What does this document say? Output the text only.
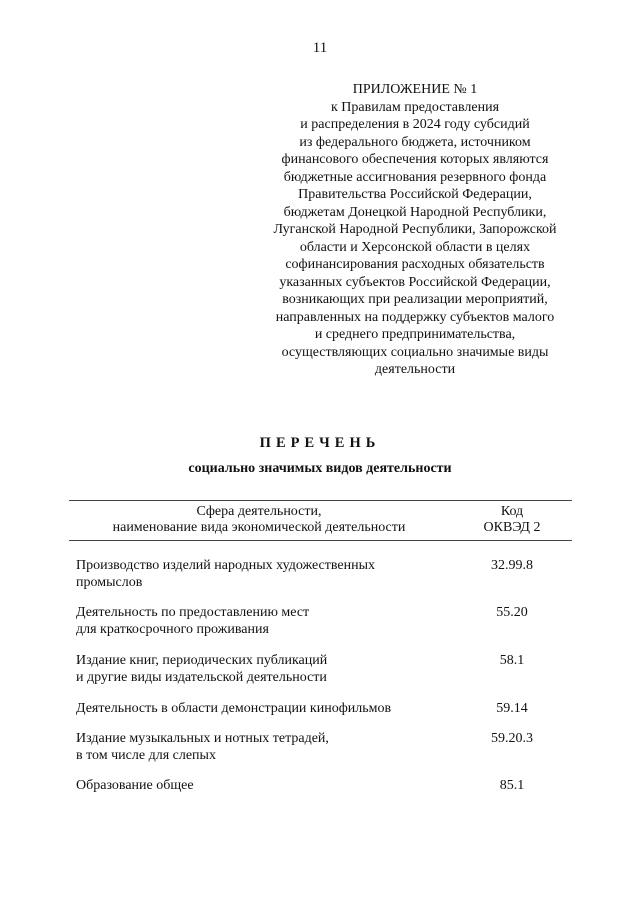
11
ПРИЛОЖЕНИЕ № 1
к Правилам предоставления
и распределения в 2024 году субсидий
из федерального бюджета, источником
финансового обеспечения которых являются
бюджетные ассигнования резервного фонда
Правительства Российской Федерации,
бюджетам Донецкой Народной Республики,
Луганской Народной Республики, Запорожской
области и Херсонской области в целях
софинансирования расходных обязательств
указанных субъектов Российской Федерации,
возникающих при реализации мероприятий,
направленных на поддержку субъектов малого
и среднего предпринимательства,
осуществляющих социально значимые виды
деятельности
ПЕРЕЧЕНЬ
социально значимых видов деятельности
Сфера деятельности,
наименование вида экономической деятельности
Код
ОКВЭД 2
Производство изделий народных художественных
промыслов
32.99.8
Деятельность по предоставлению мест
для краткосрочного проживания
55.20
Издание книг, периодических публикаций
и другие виды издательской деятельности
58.1
Деятельность в области демонстрации кинофильмов	59.14
Издание музыкальных и нотных тетрадей,
в том числе для слепых
59.20.3
Образование общее	85.1
